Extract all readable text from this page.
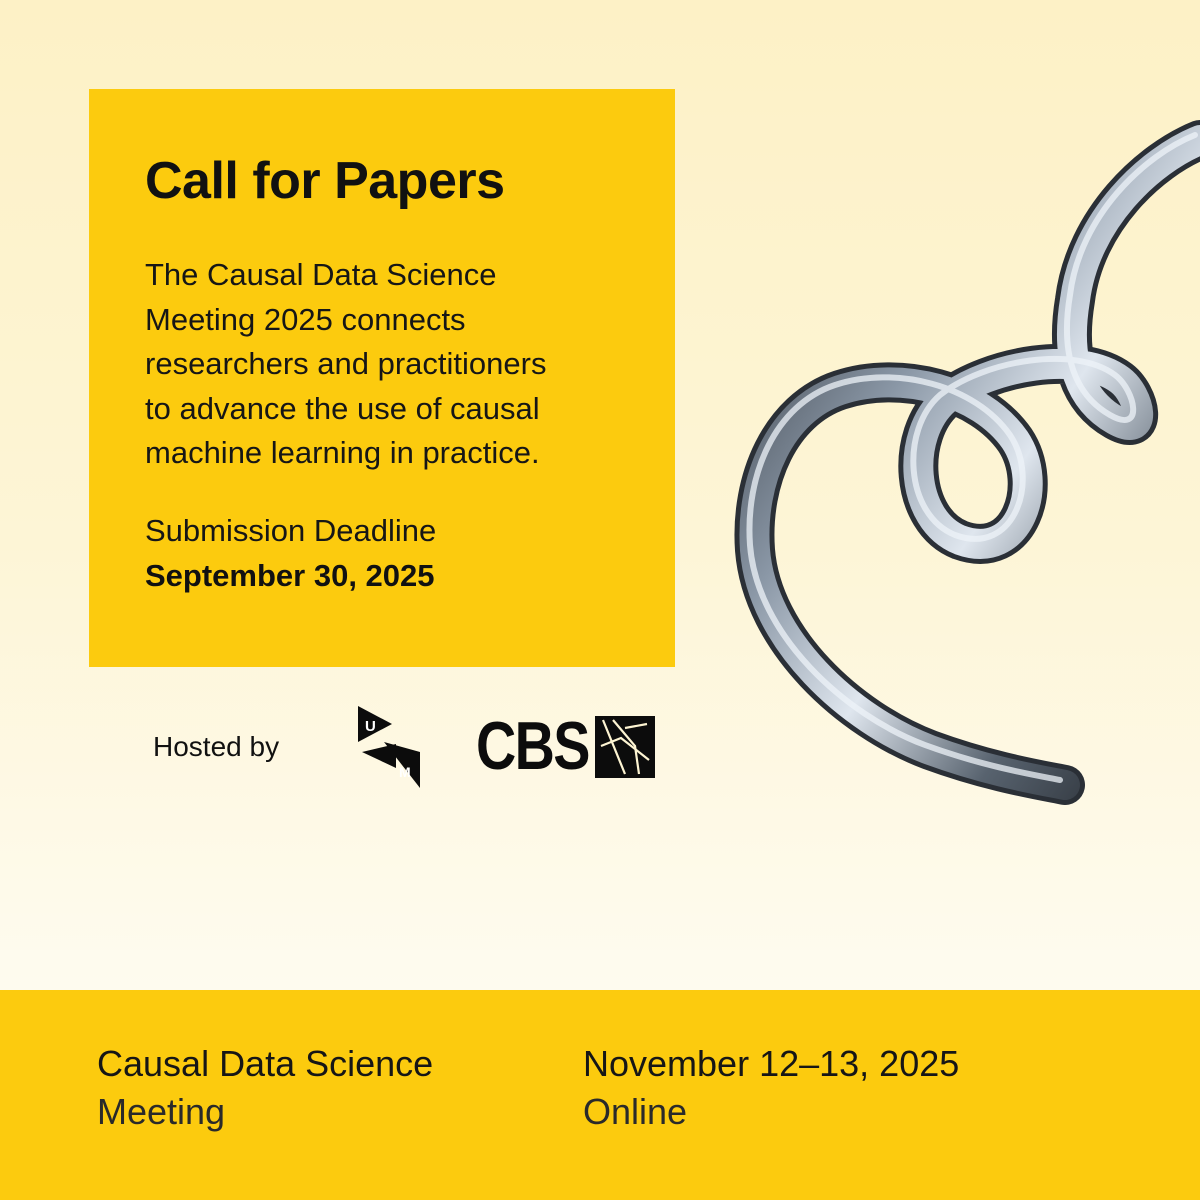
Call for Papers
The Causal Data Science
Meeting 2025 connects
researchers and practitioners
to advance the use of causal
machine learning in practice.
Submission Deadline
September 30, 2025
Hosted by
U
M CBS
Causal Data Science
Meeting
November 12–13, 2025
Online
